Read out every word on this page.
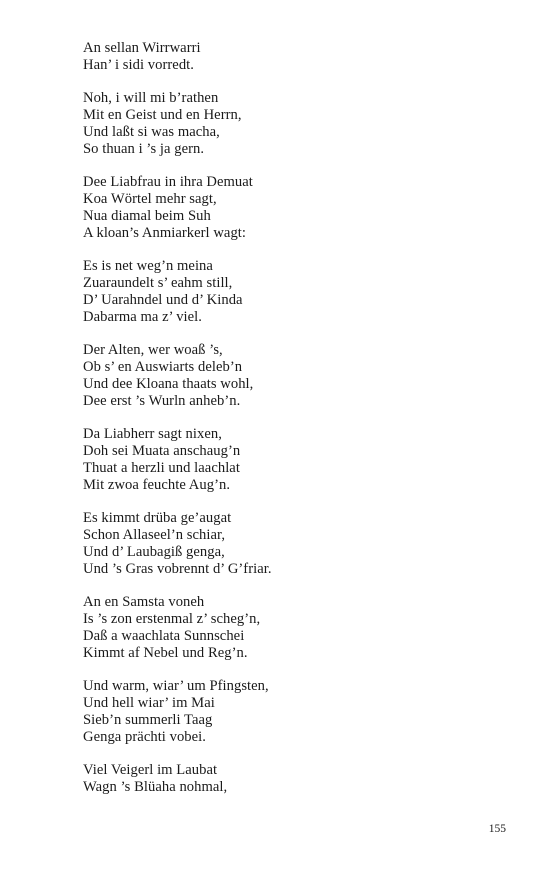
An sellan Wirrwarri
Han’ i sidi vorredt.
Noh, i will mi b’rathen
Mit en Geist und en Herrn,
Und laßt si was macha,
So thuan i ’s ja gern.
Dee Liabfrau in ihra Demuat
Koa Wörtel mehr sagt,
Nua diamal beim Suh
A kloan’s Anmiarkerl wagt:
Es is net weg’n meina
Zuaraundelt s’ eahm still,
D’ Uarahndel und d’ Kinda
Dabarma ma z’ viel.
Der Alten, wer woaß ’s,
Ob s’ en Auswiarts deleb’n
Und dee Kloana thaats wohl,
Dee erst ’s Wurln anheb’n.
Da Liabherr sagt nixen,
Doh sei Muata anschaug’n
Thuat a herzli und laachlat
Mit zwoa feuchte Aug’n.
Es kimmt drüba ge’augat
Schon Allaseel’n schiar,
Und d’ Laubagiß genga,
Und ’s Gras vobrennt d’ G’friar.
An en Samsta voneh
Is ’s zon erstenmal z’ scheg’n,
Daß a waachlata Sunnschei
Kimmt af Nebel und Reg’n.
Und warm, wiar’ um Pfingsten,
Und hell wiar’ im Mai
Sieb’n summerli Taag
Genga prächti vobei.
Viel Veigerl im Laubat
Wagn ’s Blüaha nohmal,
155
